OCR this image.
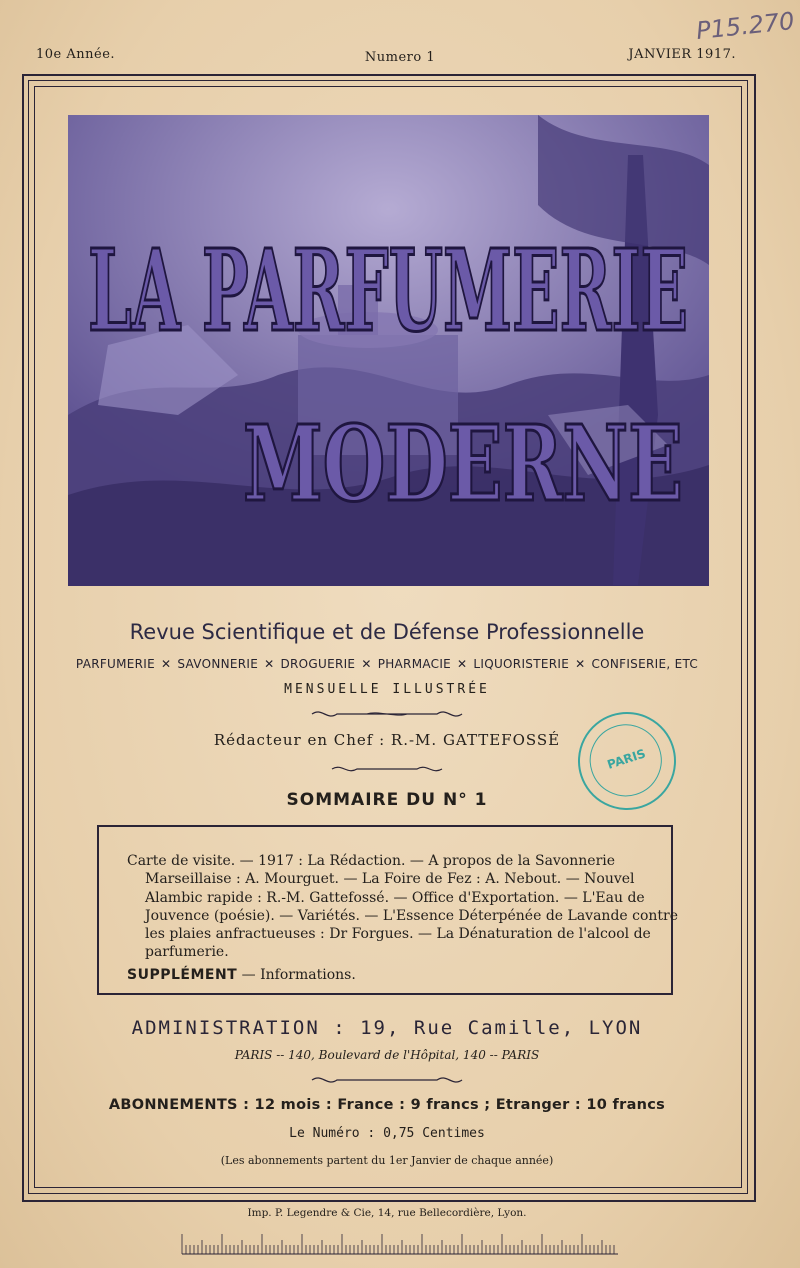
10e Année.	Numero 1	JANVIER 1917.
P15.270
LA PARFUMERIE
MODERNE
Revue Scientifique et de Défense Professionnelle
PARFUMERIE ✕ SAVONNERIE ✕ DROGUERIE ✕ PHARMACIE ✕ LIQUORISTERIE ✕ CONFISERIE, ETC
MENSUELLE ILLUSTRÉE
Rédacteur en Chef : R.-M. GATTEFOSSÉ
PARIS
SOMMAIRE DU N° 1

Carte de visite. — 1917 : La Rédaction. — A propos de la Savonnerie Marseillaise : A. Mourguet. — La Foire de Fez : A. Nebout. — Nouvel Alambic rapide : R.-M. Gattefossé. — Office d'Exportation. — L'Eau de Jouvence (poésie). — Variétés. — L'Essence Déterpénée de Lavande contre les plaies anfractueuses : Dr Forgues. — La Dénaturation de l'alcool de parfumerie.

SUPPLÉMENT — Informations.
ADMINISTRATION : 19, Rue Camille, LYON
PARIS -- 140, Boulevard de l'Hôpital, 140 -- PARIS
ABONNEMENTS : 12 mois : France : 9 francs ; Etranger : 10 francs
Le Numéro : 0,75 Centimes
(Les abonnements partent du 1er Janvier de chaque année)
Imp. P. Legendre & Cie, 14, rue Bellecordière, Lyon.
